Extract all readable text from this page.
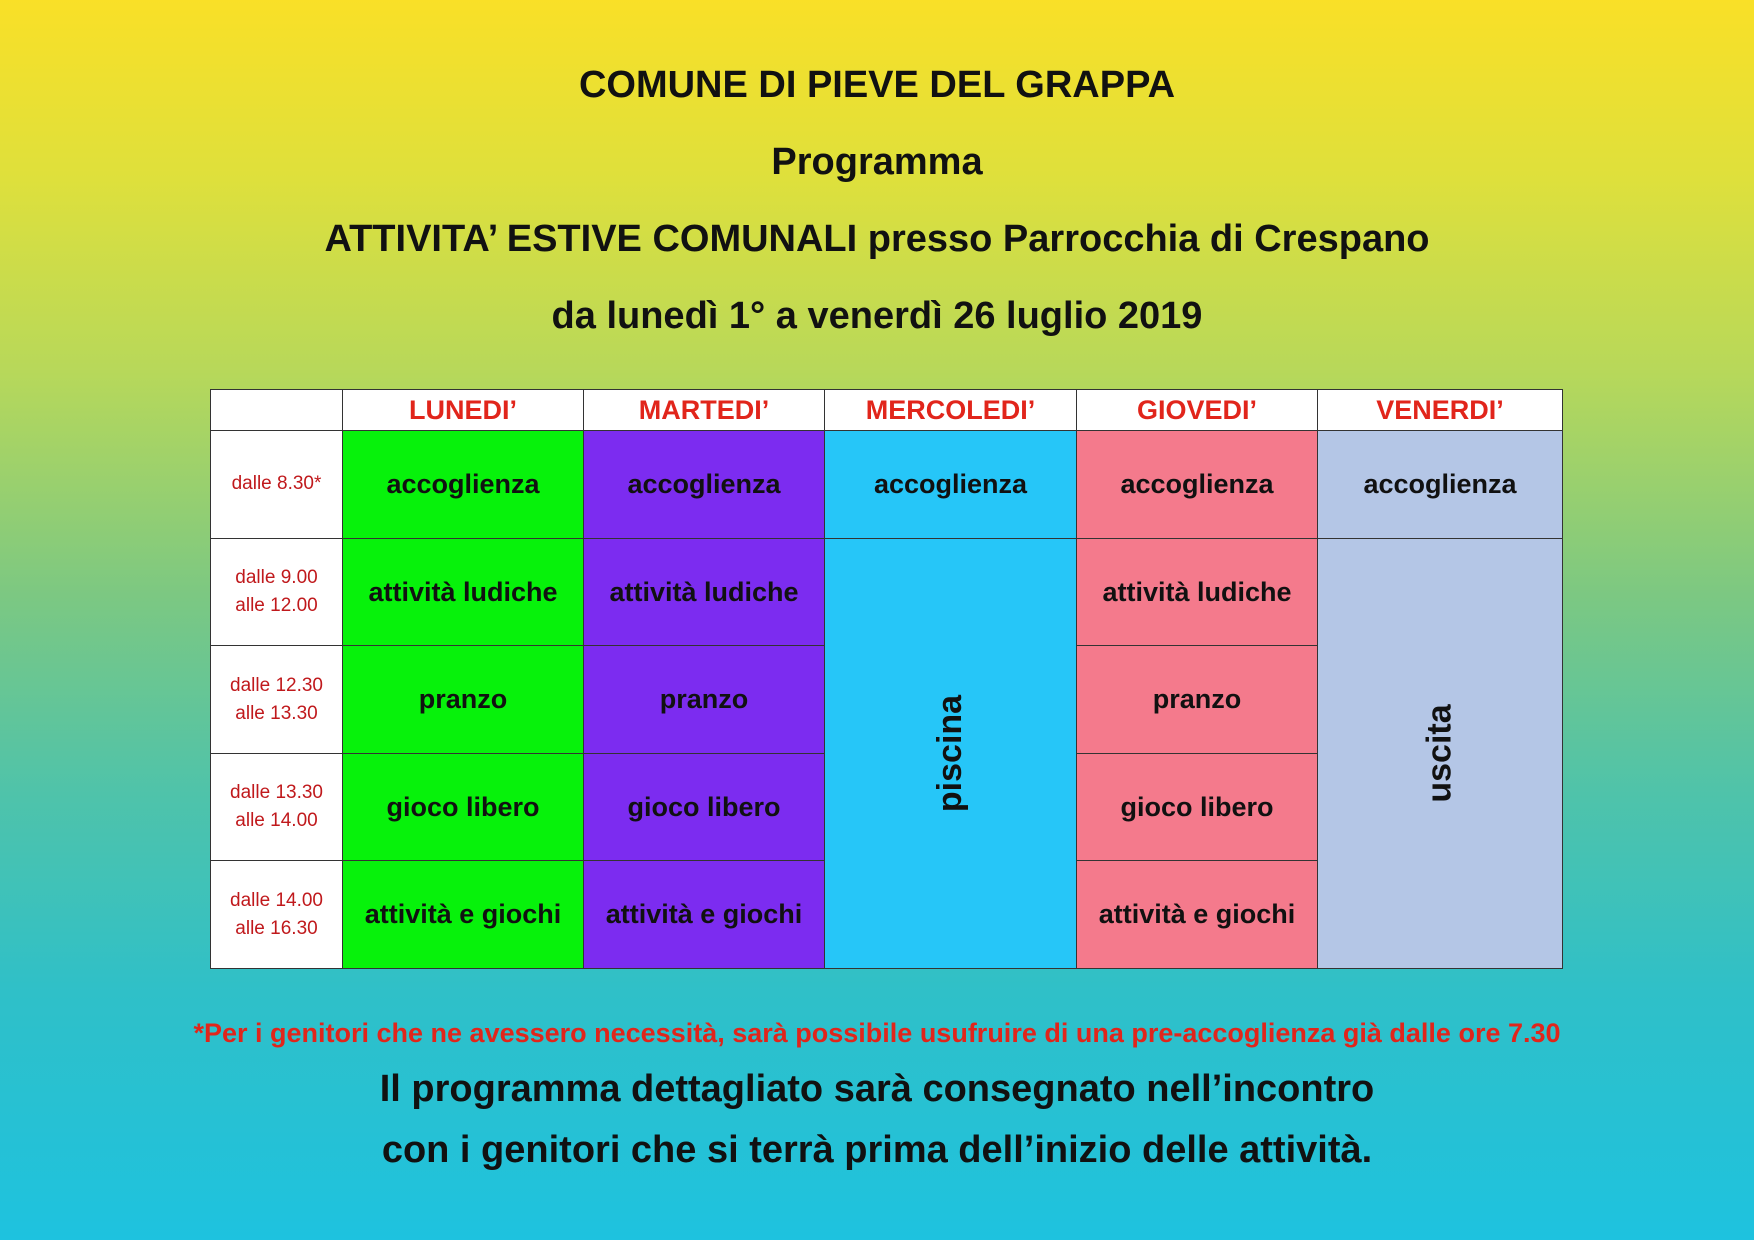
COMUNE DI PIEVE DEL GRAPPA
Programma
ATTIVITA’ ESTIVE COMUNALI presso Parrocchia di Crespano
da lunedì 1° a venerdì 26 luglio 2019
	LUNEDI’	MARTEDI’	MERCOLEDI’	GIOVEDI’	VENERDI’

dalle 8.30*	accoglienza	accoglienza	accoglienza	accoglienza	accoglienza

dalle 9.00
alle 12.00	attività ludiche	attività ludiche	piscina	attività ludiche	uscita

dalle 12.30
alle 13.30	pranzo	pranzo		pranzo	

dalle 13.30
alle 14.00	gioco libero	gioco libero		gioco libero	

dalle 14.00
alle 16.30	attività e giochi	attività e giochi		attività e giochi	
*Per i genitori che ne avessero necessità, sarà possibile usufruire di una pre-accoglienza già dalle ore 7.30
Il programma dettagliato sarà consegnato nell’incontro
con i genitori che si terrà prima dell’inizio delle attività.
